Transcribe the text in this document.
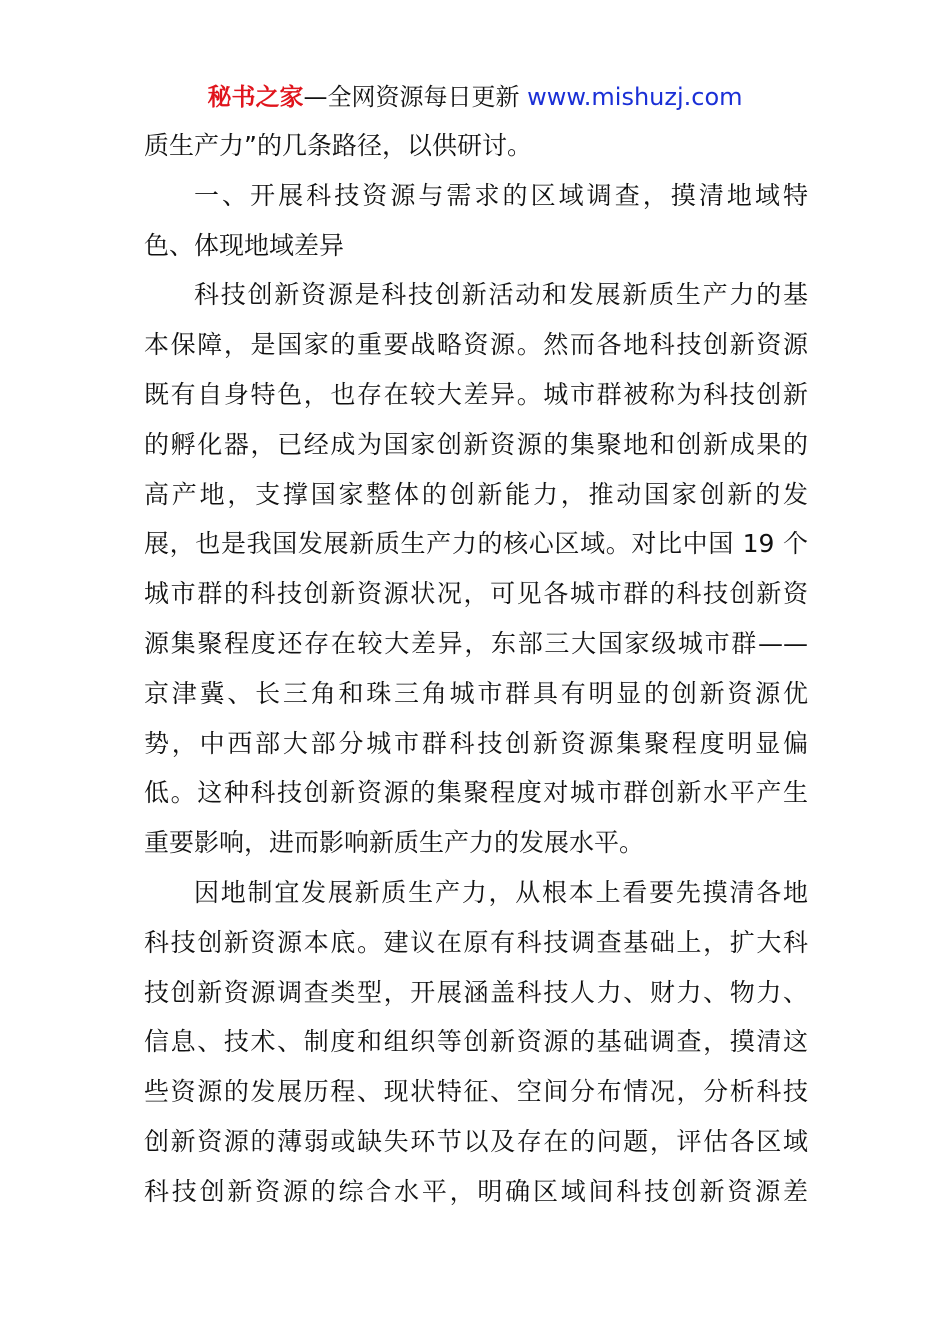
秘书之家—全网资源每日更新 www.mishuzj.com
质生产力”的几条路径，以供研讨。
一、开展科技资源与需求的区域调查，摸清地域特
色、体现地域差异
科技创新资源是科技创新活动和发展新质生产力的基
本保障，是国家的重要战略资源。然而各地科技创新资源
既有自身特色，也存在较大差异。城市群被称为科技创新
的孵化器，已经成为国家创新资源的集聚地和创新成果的
高产地，支撑国家整体的创新能力，推动国家创新的发
展，也是我国发展新质生产力的核心区域。对比中国 19 个
城市群的科技创新资源状况，可见各城市群的科技创新资
源集聚程度还存在较大差异，东部三大国家级城市群——
京津冀、长三角和珠三角城市群具有明显的创新资源优
势，中西部大部分城市群科技创新资源集聚程度明显偏
低。这种科技创新资源的集聚程度对城市群创新水平产生
重要影响，进而影响新质生产力的发展水平。
因地制宜发展新质生产力，从根本上看要先摸清各地
科技创新资源本底。建议在原有科技调查基础上，扩大科
技创新资源调查类型，开展涵盖科技人力、财力、物力、
信息、技术、制度和组织等创新资源的基础调查，摸清这
些资源的发展历程、现状特征、空间分布情况，分析科技
创新资源的薄弱或缺失环节以及存在的问题，评估各区域
科技创新资源的综合水平，明确区域间科技创新资源差
